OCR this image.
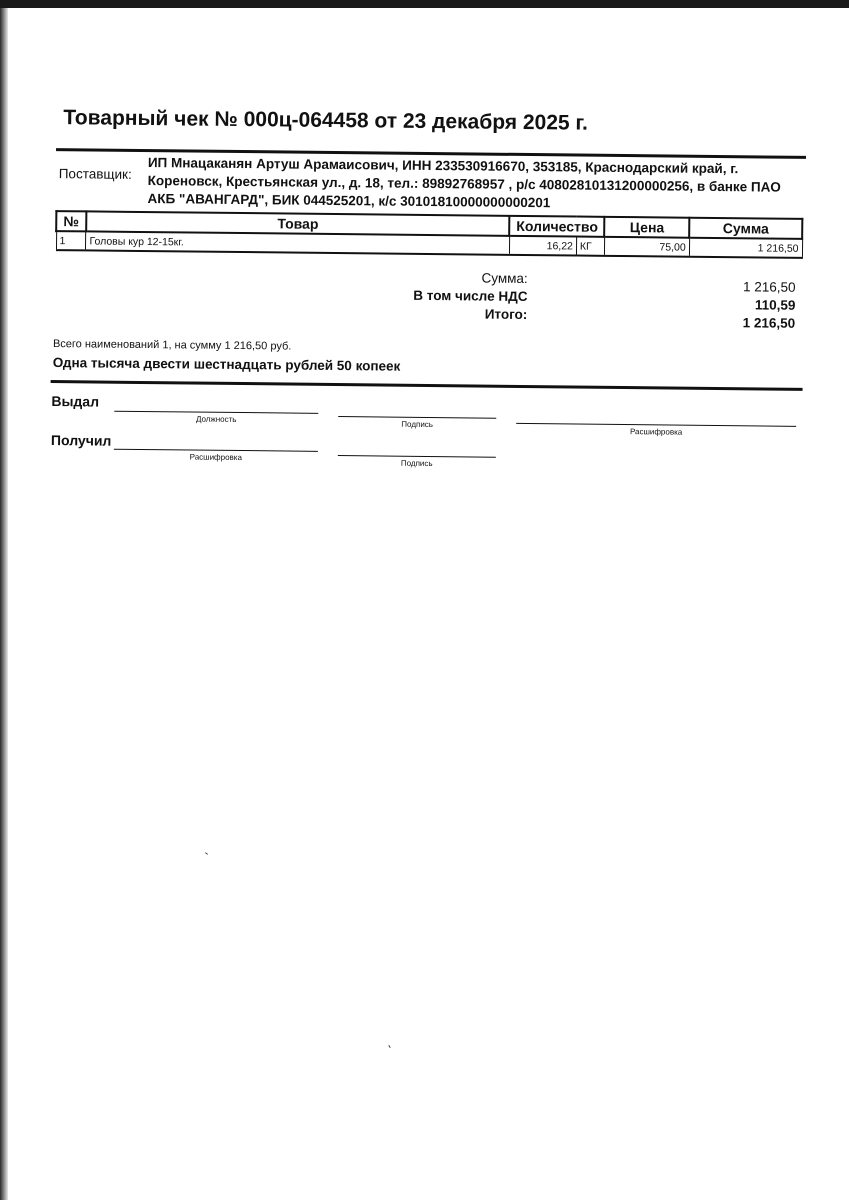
Товарный чек № 000ц-064458 от 23 декабря 2025 г.
Поставщик: ИП Мнацаканян Артуш Арамаисович, ИНН 233530916670, 353185, Краснодарский край, г. Кореновск, Крестьянская ул., д. 18, тел.: 89892768957 , р/с 40802810131200000256, в банке ПАО АКБ "АВАНГАРД", БИК 044525201, к/с 30101810000000000201
№	Товар	Количество		Цена	Сумма
1	Головы кур 12-15кг.	16,22	КГ	75,00	1 216,50
Сумма:
1 216,50
В том числе НДС
110,59
Итого:
1 216,50
Всего наименований 1, на сумму 1 216,50 руб.
Одна тысяча двести шестнадцать рублей 50 копеек
Выдал
Должность
Подпись
Расшифровка
Получил
Расшифровка
Подпись
